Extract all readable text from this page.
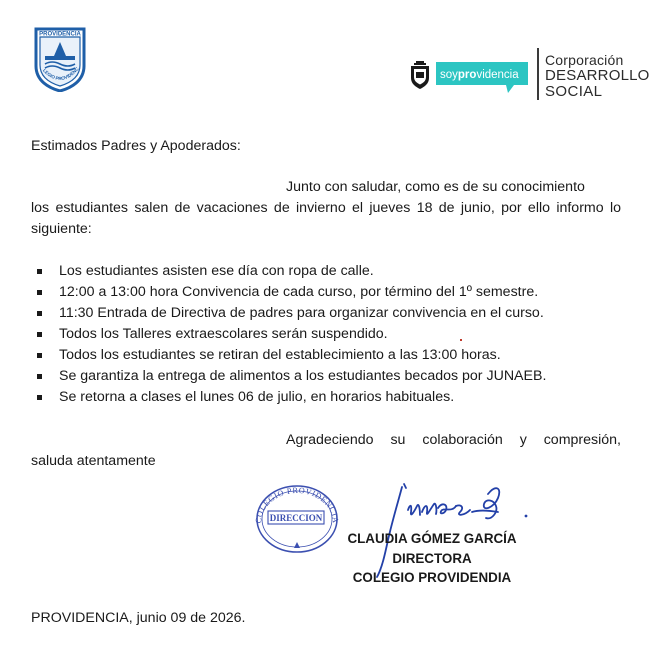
PROVIDENCIA
LEGIO PROVIDENC	soyprovidencia
Corporación
DESARROLLO
SOCIAL
Estimados Padres y Apoderados:
Junto con saludar, como es de su conocimiento
los estudiantes salen de vacaciones de invierno el jueves 18 de junio, por ello informo lo siguiente:
Los estudiantes asisten ese día con ropa de calle.
12:00 a 13:00 hora Convivencia de cada curso, por término del 1º semestre.
11:30 Entrada de Directiva de padres para organizar convivencia en el curso.
Todos los Talleres extraescolares serán suspendido.
Todos los estudiantes se retiran del establecimiento a las 13:00 horas.
Se garantiza la entrega de alimentos a los estudiantes becados por JUNAEB.
Se retorna a clases el lunes 06 de julio, en horarios habituales.
Agradeciendo su colaboración y compresión,
saluda atentamente
COLEGIO PROVIDENCIA
DIRECCION
CLAUDIA GÓMEZ GARCÍA
DIRECTORA
COLEGIO PROVIDENDIA
PROVIDENCIA, junio 09 de 2026.
